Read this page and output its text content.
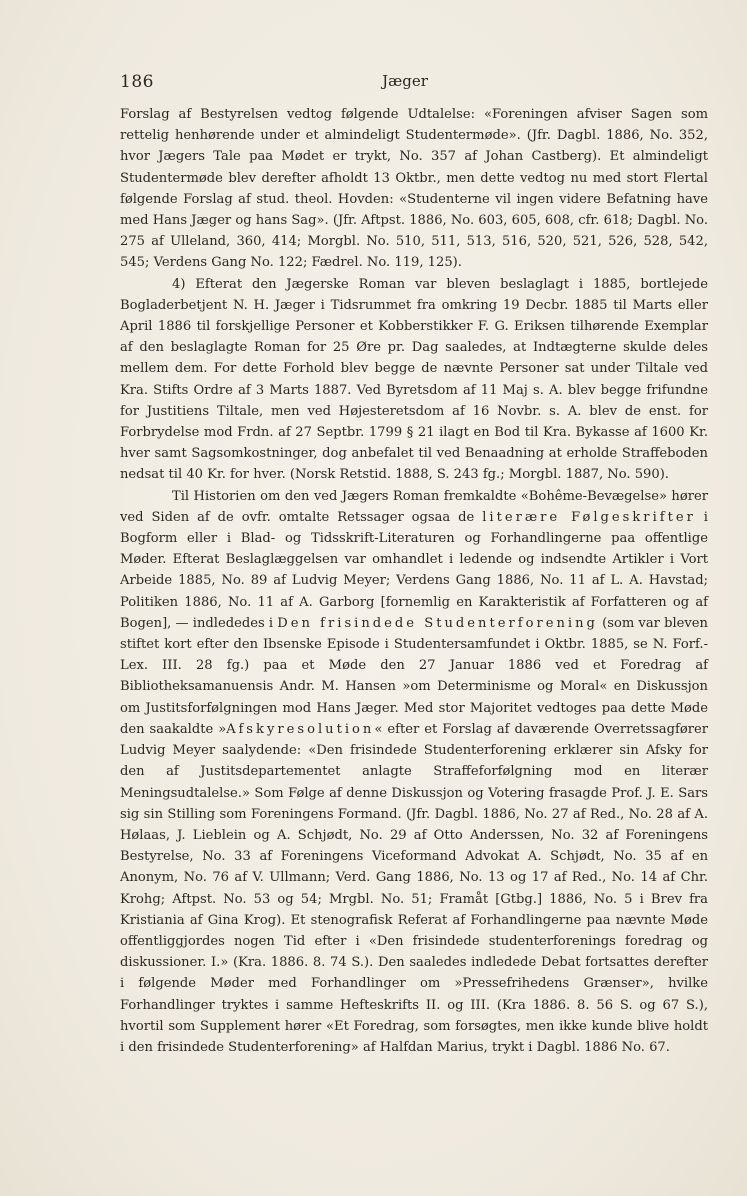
186	Jæger

Forslag af Bestyrelsen vedtog følgende Udtalelse: «Foreningen afviser Sagen som rettelig henhørende under et almindeligt Studentermøde». (Jfr. Dagbl. 1886, No. 352, hvor Jægers Tale paa Mødet er trykt, No. 357 af Johan Castberg). Et almindeligt Studentermøde blev derefter afholdt 13 Oktbr., men dette vedtog nu med stort Flertal følgende Forslag af stud. theol. Hovden: «Studenterne vil ingen videre Befatning have med Hans Jæger og hans Sag». (Jfr. Aftpst. 1886, No. 603, 605, 608, cfr. 618; Dagbl. No. 275 af Ulleland, 360, 414; Morgbl. No. 510, 511, 513, 516, 520, 521, 526, 528, 542, 545; Verdens Gang No. 122; Fædrel. No. 119, 125).

4) Efterat den Jægerske Roman var bleven beslaglagt i 1885, bortlejede Bogladerbetjent N. H. Jæger i Tidsrummet fra omkring 19 Decbr. 1885 til Marts eller April 1886 til forskjellige Personer et Kobberstikker F. G. Eriksen tilhørende Exemplar af den beslaglagte Roman for 25 Øre pr. Dag saaledes, at Indtægterne skulde deles mellem dem. For dette Forhold blev begge de nævnte Personer sat under Tiltale ved Kra. Stifts Ordre af 3 Marts 1887. Ved Byretsdom af 11 Maj s. A. blev begge frifundne for Justitiens Tiltale, men ved Højesteretsdom af 16 Novbr. s. A. blev de enst. for Forbrydelse mod Frdn. af 27 Septbr. 1799 § 21 ilagt en Bod til Kra. Bykasse af 1600 Kr. hver samt Sagsomkostninger, dog anbefalet til ved Benaadning at erholde Straffeboden nedsat til 40 Kr. for hver. (Norsk Retstid. 1888, S. 243 fg.; Morgbl. 1887, No. 590).

Til Historien om den ved Jægers Roman fremkaldte «Bohême-Bevægelse» hører ved Siden af de ovfr. omtalte Retssager ogsaa de literære Følgeskrifter i Bogform eller i Blad- og Tidsskrift-Literaturen og Forhandlingerne paa offentlige Møder. Efterat Beslaglæggelsen var omhandlet i ledende og indsendte Artikler i Vort Arbeide 1885, No. 89 af Ludvig Meyer; Verdens Gang 1886, No. 11 af L. A. Havstad; Politiken 1886, No. 11 af A. Garborg [fornemlig en Karakteristik af Forfatteren og af Bogen], — indlededes i Den frisindede Studenterforening (som var bleven stiftet kort efter den Ibsenske Episode i Studentersamfundet i Oktbr. 1885, se N. Forf.-Lex. III. 28 fg.) paa et Møde den 27 Januar 1886 ved et Foredrag af Bibliotheksamanuensis Andr. M. Hansen »om Determinisme og Moral« en Diskussjon om Justitsforfølgningen mod Hans Jæger. Med stor Majoritet vedtoges paa dette Møde den saakaldte »Afskyresolution« efter et Forslag af daværende Overretssagfører Ludvig Meyer saalydende: «Den frisindede Studenterforening erklærer sin Afsky for den af Justitsdepartementet anlagte Straffeforfølgning mod en literær Meningsudtalelse.» Som Følge af denne Diskussjon og Votering frasagde Prof. J. E. Sars sig sin Stilling som Foreningens Formand. (Jfr. Dagbl. 1886, No. 27 af Red., No. 28 af A. Hølaas, J. Lieblein og A. Schjødt, No. 29 af Otto Anderssen, No. 32 af Foreningens Bestyrelse, No. 33 af Foreningens Viceformand Advokat A. Schjødt, No. 35 af en Anonym, No. 76 af V. Ullmann; Verd. Gang 1886, No. 13 og 17 af Red., No. 14 af Chr. Krohg; Aftpst. No. 53 og 54; Mrgbl. No. 51; Framåt [Gtbg.] 1886, No. 5 i Brev fra Kristiania af Gina Krog). Et stenografisk Referat af Forhandlingerne paa nævnte Møde offentliggjordes nogen Tid efter i «Den frisindede studenterforenings foredrag og diskussioner. I.» (Kra. 1886. 8. 74 S.). Den saaledes indledede Debat fortsattes derefter i følgende Møder med Forhandlinger om »Pressefrihedens Grænser», hvilke Forhandlinger tryktes i samme Hefteskrifts II. og III. (Kra 1886. 8. 56 S. og 67 S.), hvortil som Supplement hører «Et Foredrag, som forsøgtes, men ikke kunde blive holdt i den frisindede Studenterforening» af Halfdan Marius, trykt i Dagbl. 1886 No. 67.
